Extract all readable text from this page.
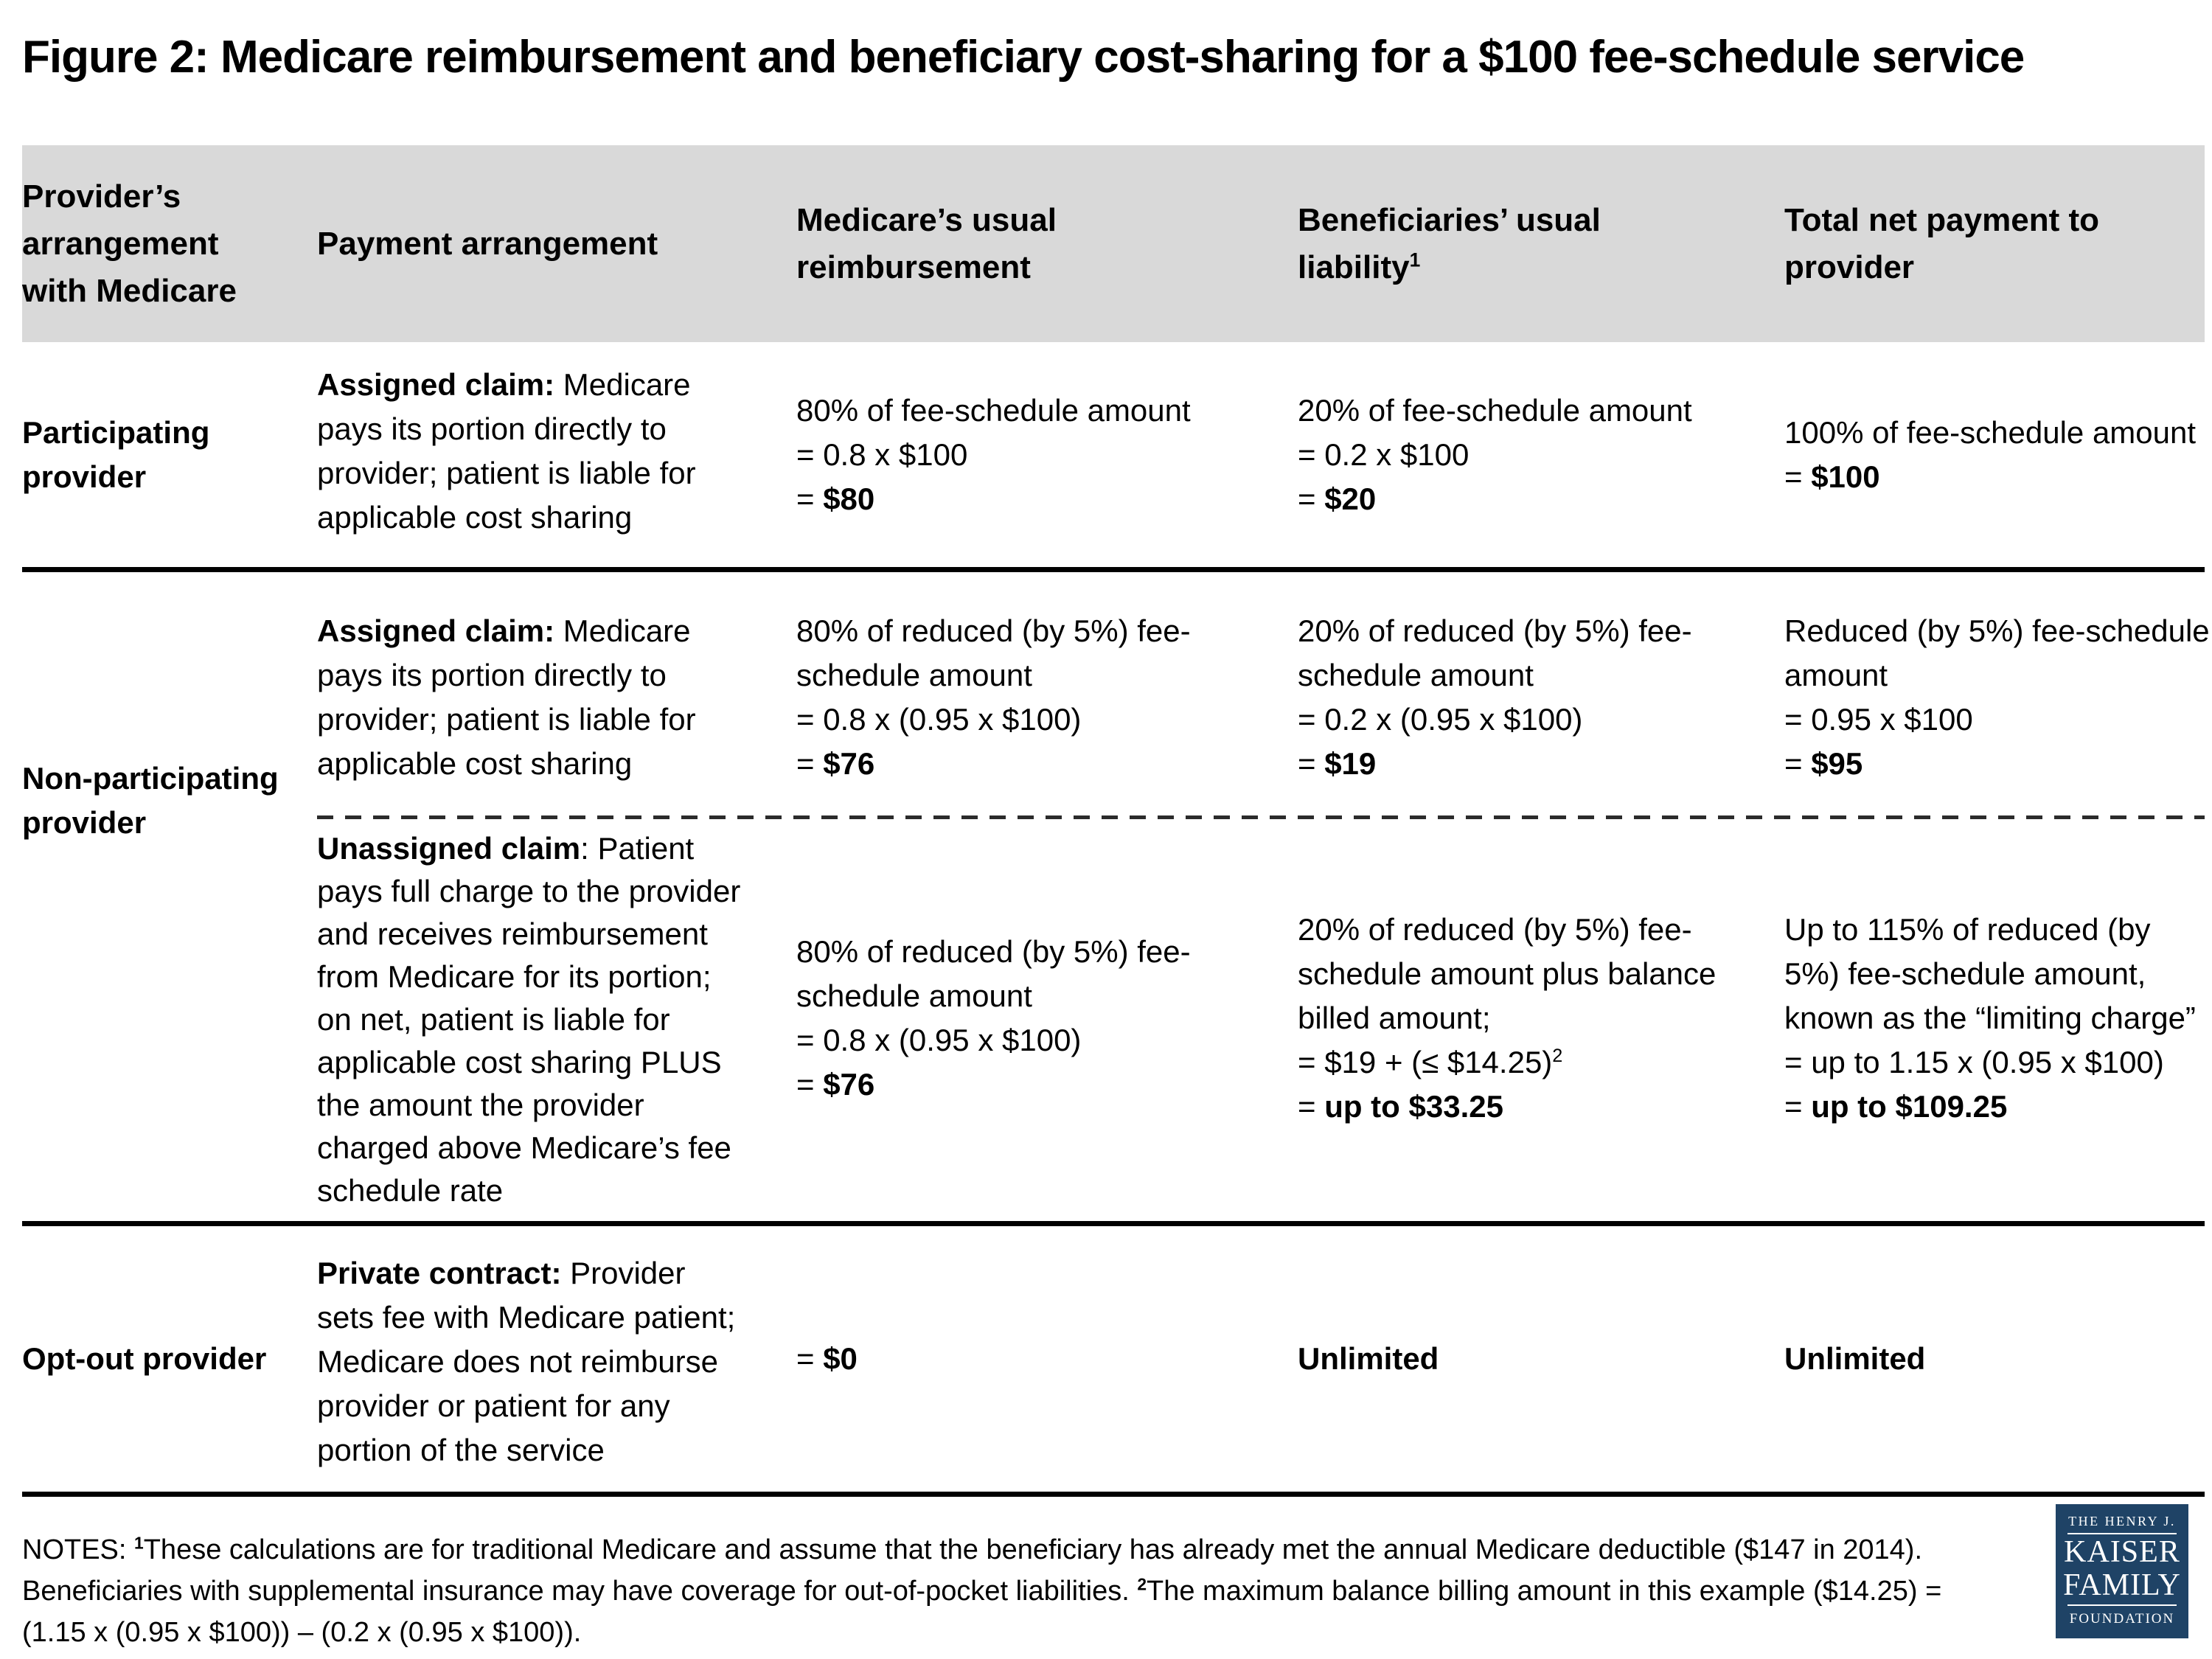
Figure 2: Medicare reimbursement and beneficiary cost-sharing for a $100 fee-schedule service
Provider’s
arrangement
with Medicare
Payment arrangement
Medicare’s usual
reimbursement
Beneficiaries’ usual
liability$^1$
Total net payment to
provider
Participating
provider
Assigned claim: Medicare
pays its portion directly to
provider; patient is liable for
applicable cost sharing
80% of fee-schedule amount
= 0.8 x $100
= $80
20% of fee-schedule amount
= 0.2 x $100
= $20
100% of fee-schedule amount
= $100
Non-participating
provider
Assigned claim: Medicare
pays its portion directly to
provider; patient is liable for
applicable cost sharing
80% of reduced (by 5%) fee-
schedule amount
= 0.8 x (0.95 x $100)
= $76
20% of reduced (by 5%) fee-
schedule amount
= 0.2 x (0.95 x $100)
= $19
Reduced (by 5%) fee-schedule
amount
= 0.95 x $100
= $95
Unassigned claim: Patient
pays full charge to the provider
and receives reimbursement
from Medicare for its portion;
on net, patient is liable for
applicable cost sharing PLUS
the amount the provider
charged above Medicare’s fee
schedule rate
80% of reduced (by 5%) fee-
schedule amount
= 0.8 x (0.95 x $100)
= $76
20% of reduced (by 5%) fee-
schedule amount plus balance
billed amount;
= $19 + (≤ $14.25)$^2$
= up to $33.25
Up to 115% of reduced (by
5%) fee-schedule amount,
known as the “limiting charge”
= up to 1.15 x (0.95 x $100)
= up to $109.25
Opt-out provider
Private contract: Provider
sets fee with Medicare patient;
Medicare does not reimburse
provider or patient for any
portion of the service
= $0	Unlimited	Unlimited
NOTES: $^1$These calculations are for traditional Medicare and assume that the beneficiary has already met the annual Medicare deductible ($147 in 2014).
Beneficiaries with supplemental insurance may have coverage for out-of-pocket liabilities. $^2$The maximum balance billing amount in this example ($14.25) =
(1.15 x (0.95 x $100)) – (0.2 x (0.95 x $100)).
THE HENRY J.
KAISER
FAMILY
FOUNDATION
